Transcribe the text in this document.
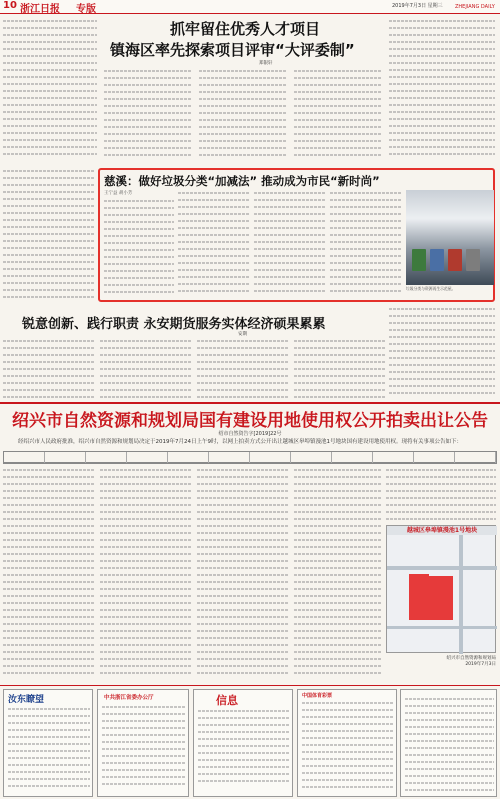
10 浙江日报 专版	2019年7月3日 星期三 ZHEJIANG DAILY
抓牢留住优秀人才项目
镇海区率先探索项目评审“大评委制”
郑银轩
慈溪：做好垃圾分类“加减法” 推动成为市民“新时尚”
王宁益 胡小芳
垃圾分类与资源再生示范屋。
锐意创新、践行职责 永安期货服务实体经济硕果累累
安期
绍兴市自然资源和规划局国有建设用地使用权公开拍卖出让公告
绍市自然资告字[2019]22号
经绍兴市人民政府批准，绍兴市自然资源和规划局决定于2019年7月24日上午9时，以网上拍卖方式公开出让越城区皋埠镇漫池1号地块国有建设用地使用权。现将有关事项公告如下：
越城区皋埠镇漫池1号地块
绍兴市自然资源和规划局
2019年7月3日
汝东瞭望	中共浙江省委办公厅	信息	中国体育彩票
